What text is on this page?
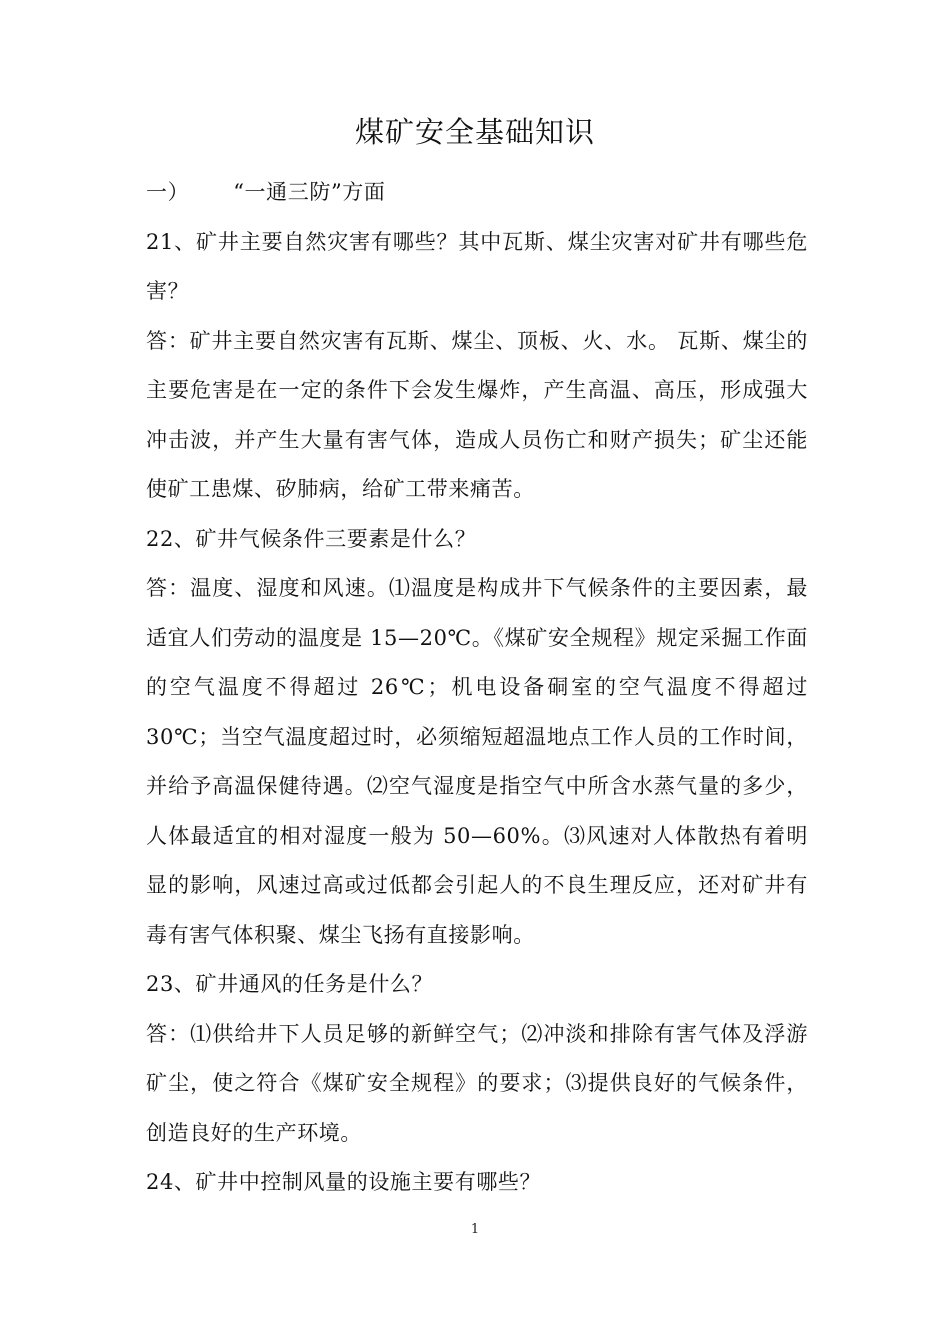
煤矿安全基础知识

一） “一通三防”方面

21、矿井主要自然灾害有哪些？其中瓦斯、煤尘灾害对矿井有哪些危害？

答：矿井主要自然灾害有瓦斯、煤尘、顶板、火、水。 瓦斯、煤尘的主要危害是在一定的条件下会发生爆炸，产生高温、高压，形成强大冲击波，并产生大量有害气体，造成人员伤亡和财产损失；矿尘还能使矿工患煤、矽肺病，给矿工带来痛苦。

22、矿井气候条件三要素是什么？

答：温度、湿度和风速。⑴温度是构成井下气候条件的主要因素，最适宜人们劳动的温度是 15—20℃。《煤矿安全规程》规定采掘工作面的空气温度不得超过 26℃；机电设备硐室的空气温度不得超过 30℃；当空气温度超过时，必须缩短超温地点工作人员的工作时间，并给予高温保健待遇。⑵空气湿度是指空气中所含水蒸气量的多少，人体最适宜的相对湿度一般为 50—60%。⑶风速对人体散热有着明显的影响，风速过高或过低都会引起人的不良生理反应，还对矿井有毒有害气体积聚、煤尘飞扬有直接影响。

23、矿井通风的任务是什么？

答：⑴供给井下人员足够的新鲜空气；⑵冲淡和排除有害气体及浮游矿尘，使之符合《煤矿安全规程》的要求；⑶提供良好的气候条件，创造良好的生产环境。

24、矿井中控制风量的设施主要有哪些？

1
